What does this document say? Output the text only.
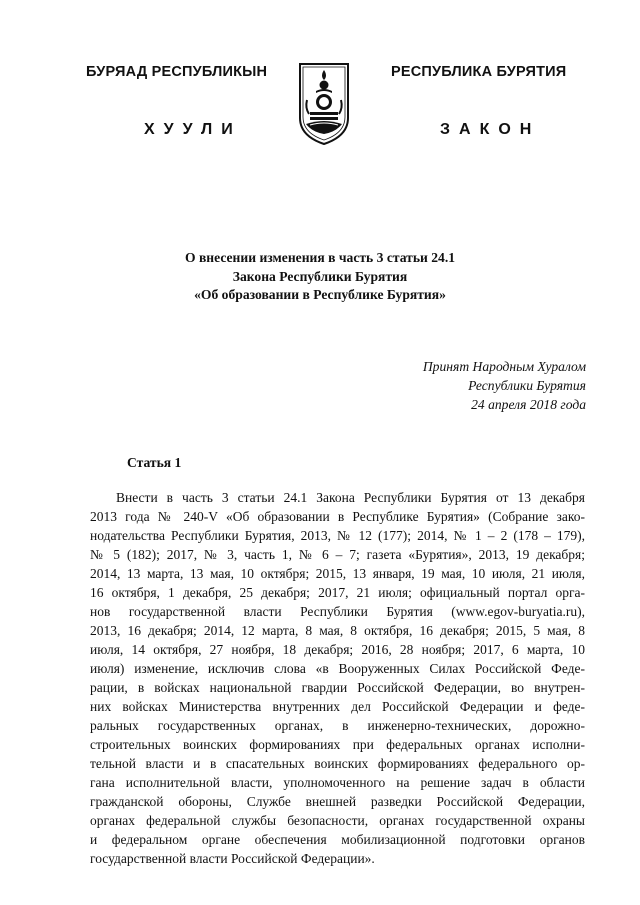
БУРЯАД РЕСПУБЛИКЫН
ХУУЛИ
РЕСПУБЛИКА БУРЯТИЯ
ЗАКОН
О внесении изменения в часть 3 статьи 24.1
Закона Республики Бурятия
«Об образовании в Республике Бурятия»
Принят Народным Хуралом
Республики Бурятия
24 апреля 2018 года
Статья 1
Внести в часть 3 статьи 24.1 Закона Республики Бурятия от 13 декабря
2013 года № 240-V «Об образовании в Республике Бурятия» (Собрание зако-
нодательства Республики Бурятия, 2013, № 12 (177); 2014, № 1 – 2 (178 – 179),
№ 5 (182); 2017, № 3, часть 1, № 6 – 7; газета «Бурятия», 2013, 19 декабря;
2014, 13 марта, 13 мая, 10 октября; 2015, 13 января, 19 мая, 10 июля, 21 июля,
16 октября, 1 декабря, 25 декабря; 2017, 21 июля; официальный портал орга-
нов государственной власти Республики Бурятия (www.egov-buryatia.ru),
2013, 16 декабря; 2014, 12 марта, 8 мая, 8 октября, 16 декабря; 2015, 5 мая, 8
июля, 14 октября, 27 ноября, 18 декабря; 2016, 28 ноября; 2017, 6 марта, 10
июля) изменение, исключив слова «в Вооруженных Силах Российской Феде-
рации, в войсках национальной гвардии Российской Федерации, во внутрен-
них войсках Министерства внутренних дел Российской Федерации и феде-
ральных государственных органах, в инженерно-технических, дорожно-
строительных воинских формированиях при федеральных органах исполни-
тельной власти и в спасательных воинских формированиях федерального ор-
гана исполнительной власти, уполномоченного на решение задач в области
гражданской обороны, Службе внешней разведки Российской Федерации,
органах федеральной службы безопасности, органах государственной охраны
и федеральном органе обеспечения мобилизационной подготовки органов
государственной власти Российской Федерации».
